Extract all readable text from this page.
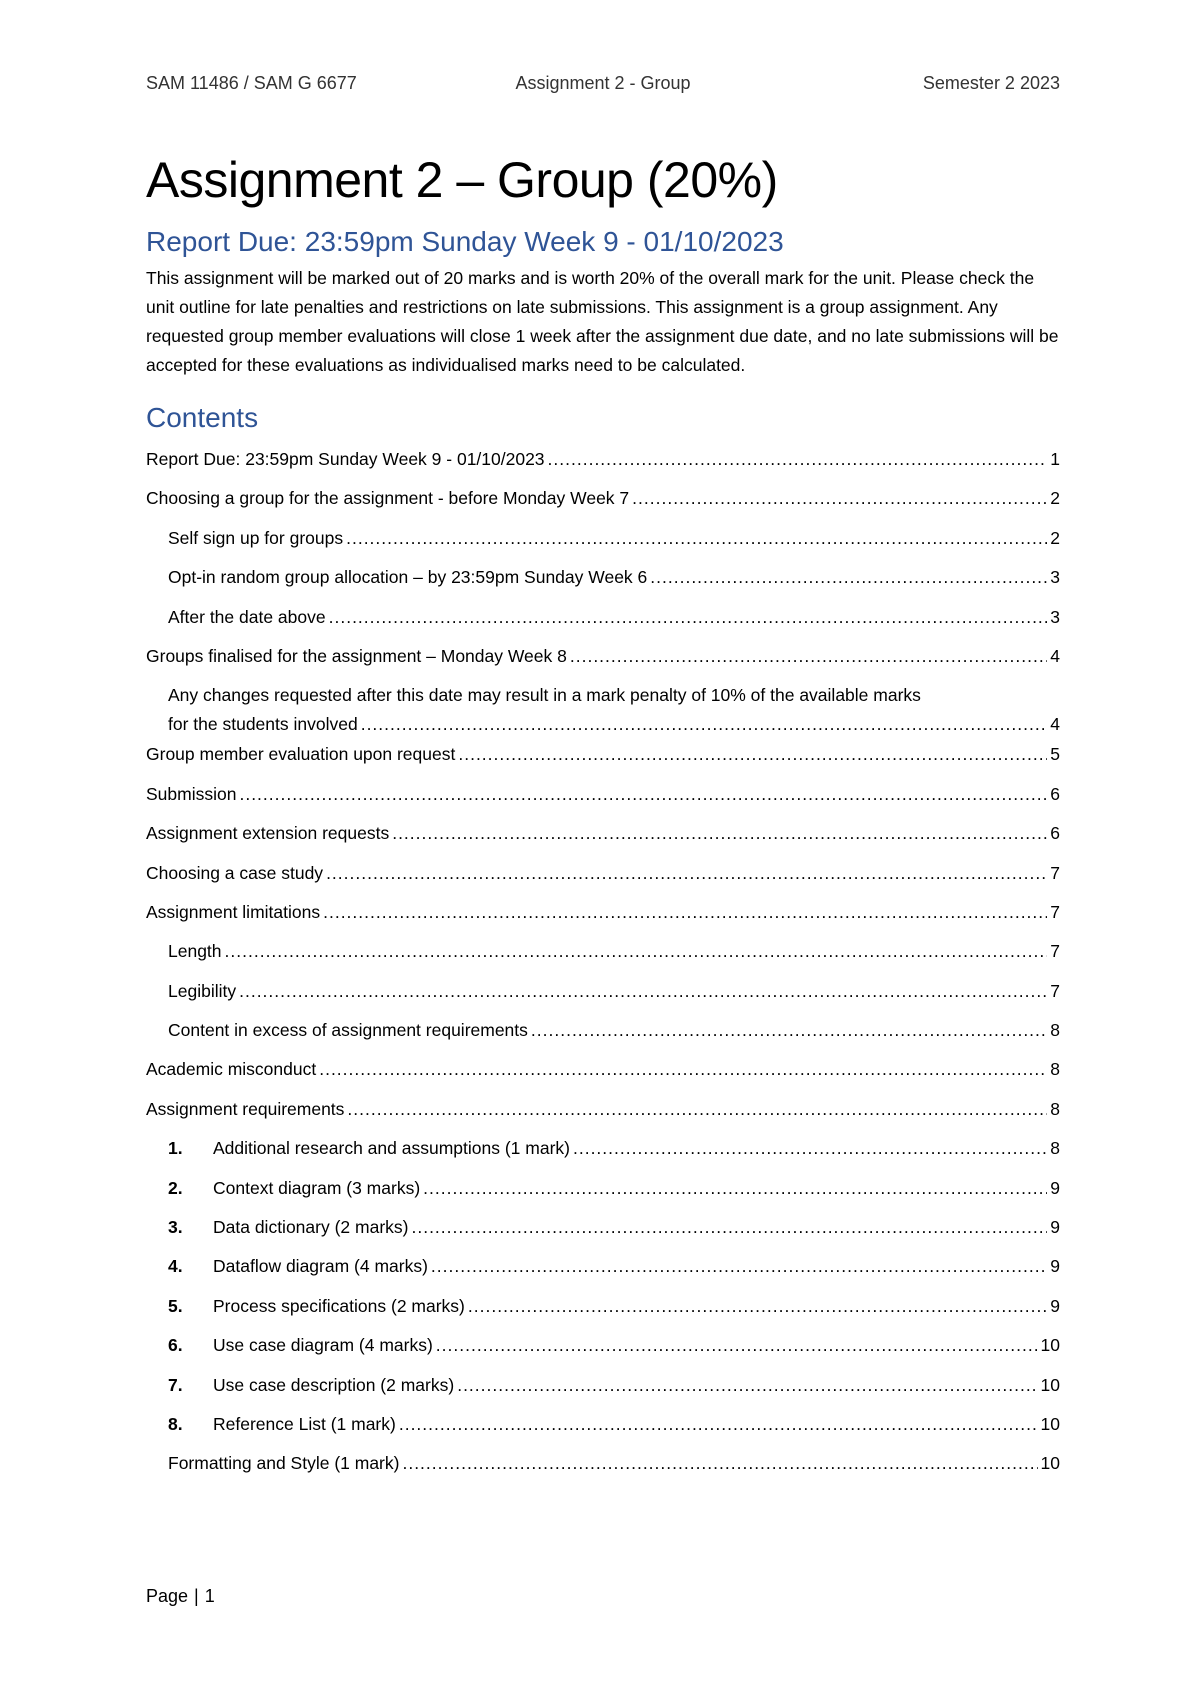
SAM 11486 / SAM G 6677	Assignment 2 - Group	Semester 2 2023
Assignment 2 – Group (20%)
Report Due: 23:59pm Sunday Week 9 - 01/10/2023

This assignment will be marked out of 20 marks and is worth 20% of the overall mark for the unit. Please check the unit outline for late penalties and restrictions on late submissions. This assignment is a group assignment. Any requested group member evaluations will close 1 week after the assignment due date, and no late submissions will be accepted for these evaluations as individualised marks need to be calculated.

Contents
Report Due: 23:59pm Sunday Week 9 - 01/10/2023 .....	1
Choosing a group for the assignment - before Monday Week 7 .....	2
Self sign up for groups .....	2
Opt-in random group allocation – by 23:59pm Sunday Week 6 .....	3
After the date above .....	3
Groups finalised for the assignment – Monday Week 8 .....	4
Any changes requested after this date may result in a mark penalty of 10% of the available marks
for the students involved .....	4
Group member evaluation upon request .....	5
Submission .....	6
Assignment extension requests .....	6
Choosing a case study .....	7
Assignment limitations .....	7
Length .....	7
Legibility .....	7
Content in excess of assignment requirements .....	8
Academic misconduct .....	8
Assignment requirements .....	8
1.	Additional research and assumptions (1 mark) .....	8
2.	Context diagram (3 marks) .....	9
3.	Data dictionary (2 marks) .....	9
4.	Dataflow diagram (4 marks) .....	9
5.	Process specifications (2 marks) .....	9
6.	Use case diagram (4 marks) .....	10
7.	Use case description (2 marks) .....	10
8.	Reference List (1 mark) .....	10
Formatting and Style (1 mark) .....	10
Page | 1
